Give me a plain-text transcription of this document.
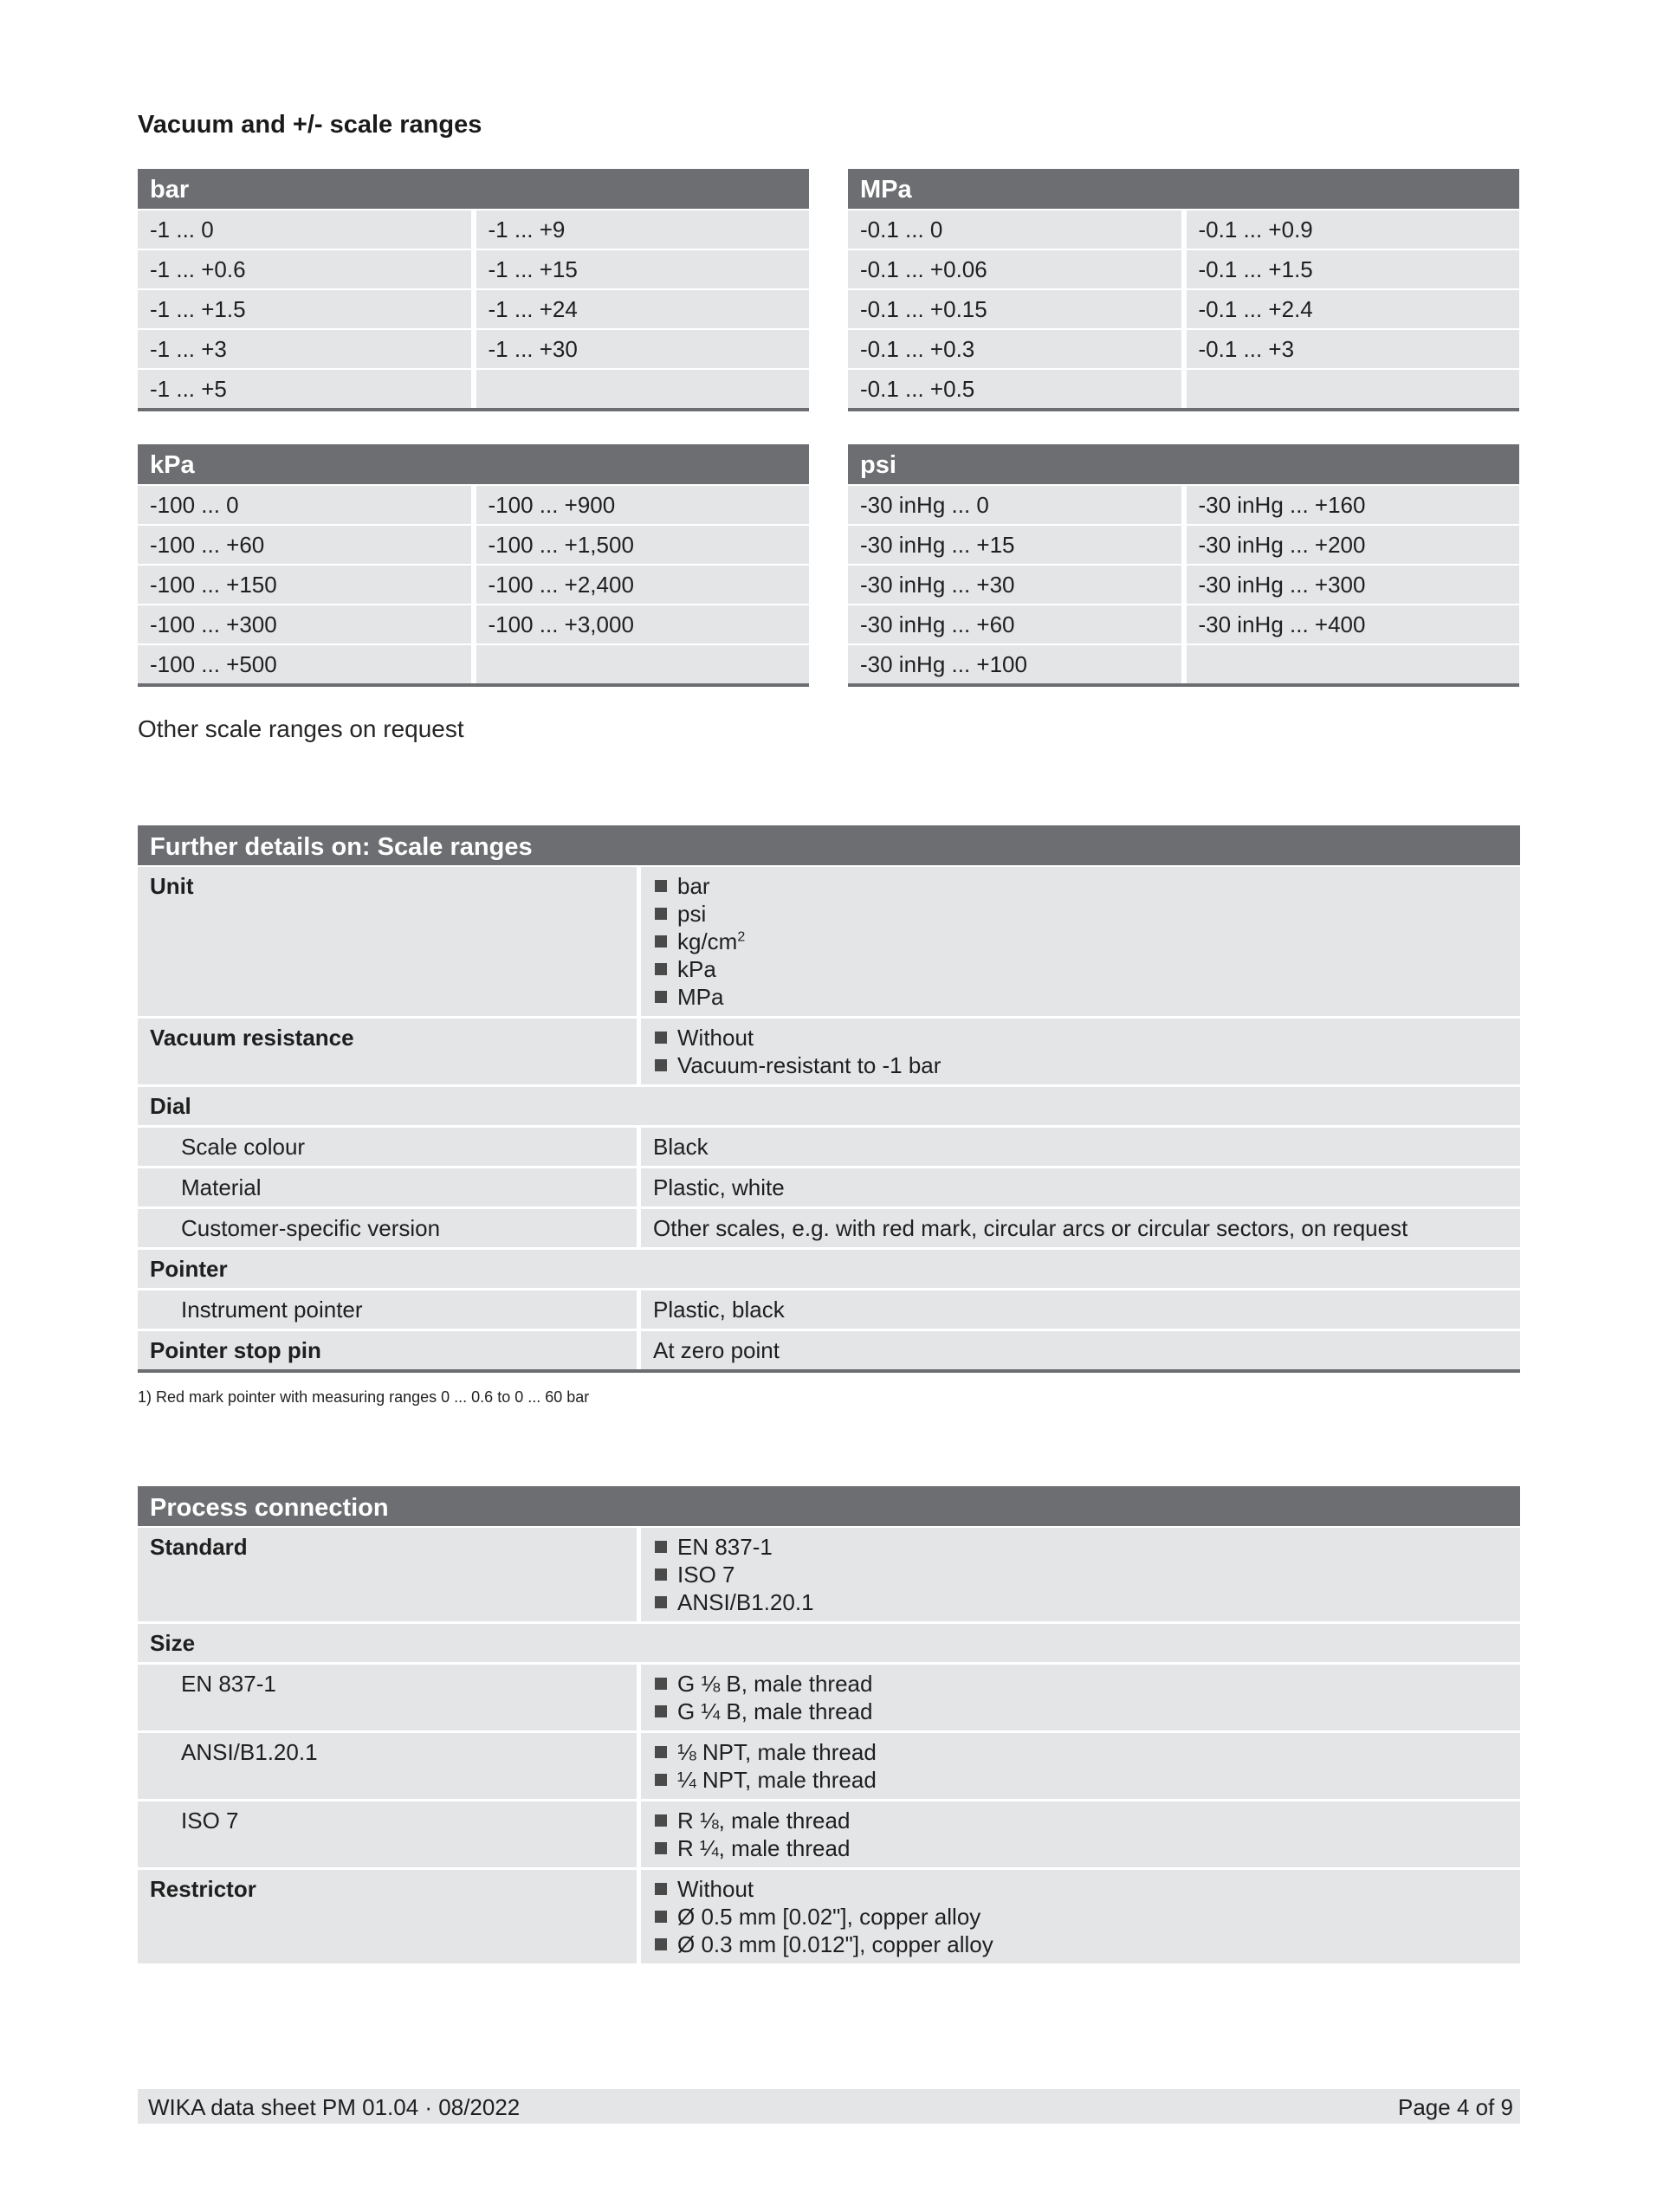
Vacuum and +/- scale ranges
bar
-1 ... 0	-1 ... +9
-1 ... +0.6	-1 ... +15
-1 ... +1.5	-1 ... +24
-1 ... +3	-1 ... +30
-1 ... +5
MPa
-0.1 ... 0	-0.1 ... +0.9
-0.1 ... +0.06	-0.1 ... +1.5
-0.1 ... +0.15	-0.1 ... +2.4
-0.1 ... +0.3	-0.1 ... +3
-0.1 ... +0.5
kPa
-100 ... 0	-100 ... +900
-100 ... +60	-100 ... +1,500
-100 ... +150	-100 ... +2,400
-100 ... +300	-100 ... +3,000
-100 ... +500
psi
-30 inHg ... 0	-30 inHg ... +160
-30 inHg ... +15	-30 inHg ... +200
-30 inHg ... +30	-30 inHg ... +300
-30 inHg ... +60	-30 inHg ... +400
-30 inHg ... +100
Other scale ranges on request
Further details on: Scale ranges
Unit	bar
psi
$kg/cm^2$
kPa
MPa
Vacuum resistance	Without
Vacuum-resistant to -1 bar
Dial
Scale colour	Black
Material	Plastic, white
Customer-specific version	Other scales, e.g. with red mark, circular arcs or circular sectors, on request
Pointer
Instrument pointer	Plastic, black
Pointer stop pin	At zero point
1) Red mark pointer with measuring ranges 0 ... 0.6 to 0 ... 60 bar
Process connection
Standard	EN 837-1
ISO 7
ANSI/B1.20.1
Size
EN 837-1	G ⅛ B, male thread
G ¼ B, male thread
ANSI/B1.20.1	⅛ NPT, male thread
¼ NPT, male thread
ISO 7	R ⅛, male thread
R ¼, male thread
Restrictor	Without
Ø 0.5 mm [0.02"], copper alloy
Ø 0.3 mm [0.012"], copper alloy
WIKA data sheet PM 01.04 · 08/2022	Page 4 of 9
